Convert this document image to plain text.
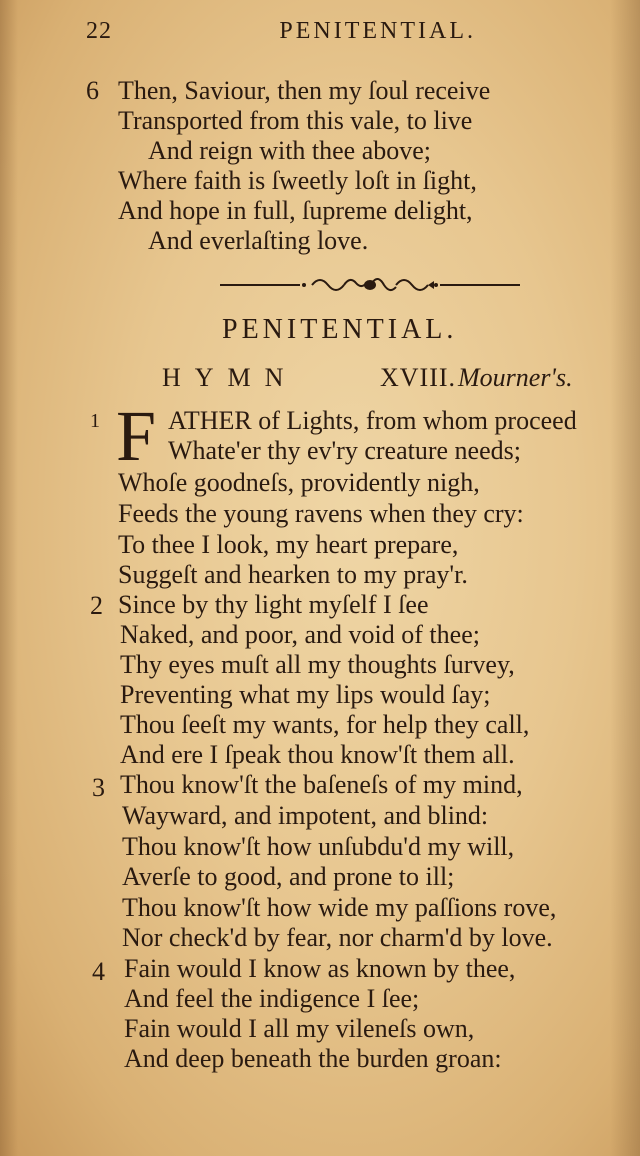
22	PENITENTIAL.
6 Then, Saviour, then my ſoul receive
Transported from this vale, to live
And reign with thee above;
Where faith is ſweetly loſt in ſight,
And hope in full, ſupreme delight,
And everlaſting love.
PENITENTIAL.
HYMN	XVIII. Mourner's.
1 F ATHER of Lights, from whom proceed
Whate'er thy ev'ry creature needs;
Whoſe goodneſs, providently nigh,
Feeds the young ravens when they cry:
To thee I look, my heart prepare,
Suggeſt and hearken to my pray'r.
2 Since by thy light myſelf I ſee
Naked, and poor, and void of thee;
Thy eyes muſt all my thoughts ſurvey,
Preventing what my lips would ſay;
Thou ſeeſt my wants, for help they call,
And ere I ſpeak thou know'ſt them all.
3 Thou know'ſt the baſeneſs of my mind,
Wayward, and impotent, and blind:
Thou know'ſt how unſubdu'd my will,
Averſe to good, and prone to ill;
Thou know'ſt how wide my paſſions rove,
Nor check'd by fear, nor charm'd by love.
4 Fain would I know as known by thee,
And feel the indigence I ſee;
Fain would I all my vileneſs own,
And deep beneath the burden groan:
